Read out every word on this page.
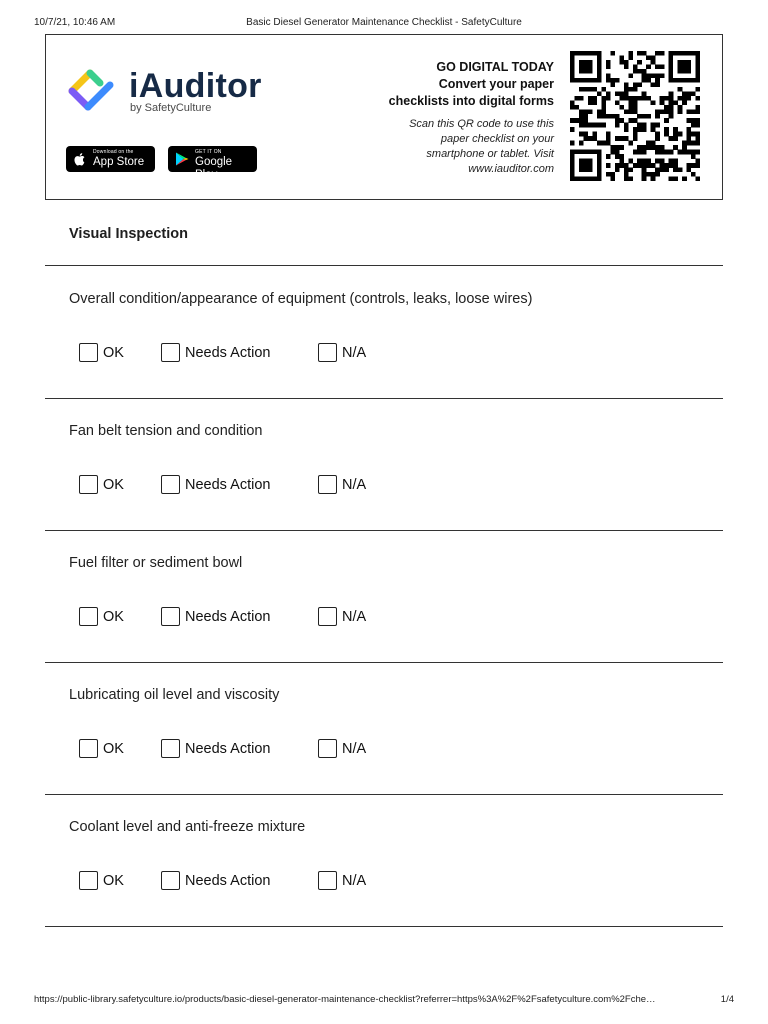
10/7/21, 10:46 AM	Basic Diesel Generator Maintenance Checklist - SafetyCulture
iAuditor
by SafetyCulture
Download on the
App Store
GET IT ON
Google Play
GO DIGITAL TODAY
Convert your paper
checklists into digital forms
Scan this QR code to use this
paper checklist on your
smartphone or tablet. Visit
www.iauditor.com
Visual Inspection
Overall condition/appearance of equipment (controls, leaks, loose wires)
OK	Needs Action	N/A
Fan belt tension and condition
OK	Needs Action	N/A
Fuel filter or sediment bowl
OK	Needs Action	N/A
Lubricating oil level and viscosity
OK	Needs Action	N/A
Coolant level and anti-freeze mixture
OK	Needs Action	N/A
https://public-library.safetyculture.io/products/basic-diesel-generator-maintenance-checklist?referrer=https%3A%2F%2Fsafetyculture.com%2Fche…	1/4
